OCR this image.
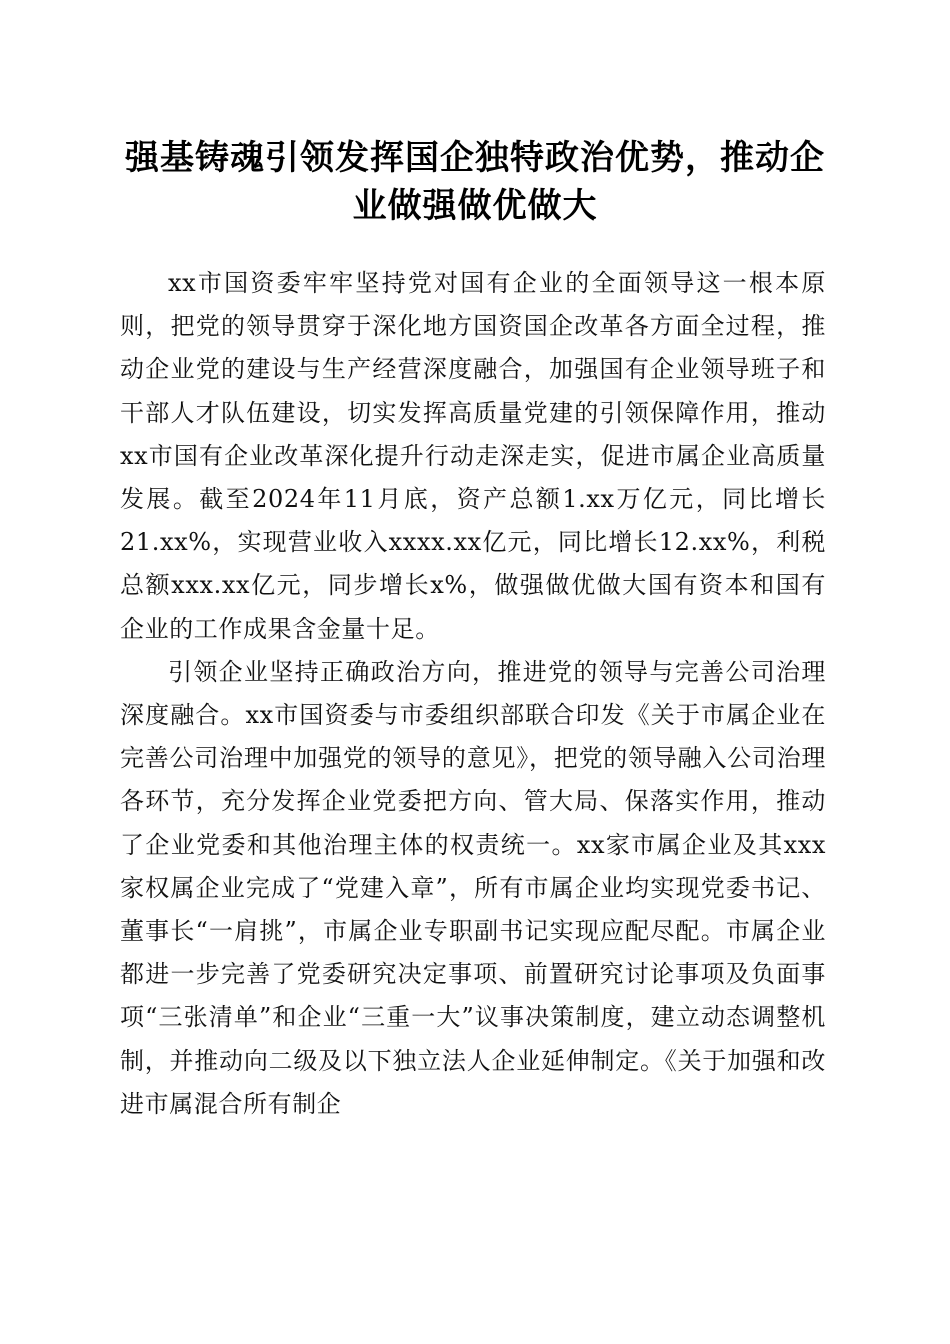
强基铸魂引领发挥国企独特政治优势，推动企业做强做优做大

xx市国资委牢牢坚持党对国有企业的全面领导这一根本原则，把党的领导贯穿于深化地方国资国企改革各方面全过程，推动企业党的建设与生产经营深度融合，加强国有企业领导班子和干部人才队伍建设，切实发挥高质量党建的引领保障作用，推动xx市国有企业改革深化提升行动走深走实，促进市属企业高质量发展。截至2024年11月底，资产总额1.xx万亿元，同比增长21.xx%，实现营业收入xxxx.xx亿元，同比增长12.xx%，利税总额xxx.xx亿元，同步增长x%，做强做优做大国有资本和国有企业的工作成果含金量十足。

引领企业坚持正确政治方向，推进党的领导与完善公司治理深度融合。xx市国资委与市委组织部联合印发《关于市属企业在完善公司治理中加强党的领导的意见》，把党的领导融入公司治理各环节，充分发挥企业党委把方向、管大局、保落实作用，推动了企业党委和其他治理主体的权责统一。xx家市属企业及其xxx家权属企业完成了“党建入章”，所有市属企业均实现党委书记、董事长“一肩挑”，市属企业专职副书记实现应配尽配。市属企业都进一步完善了党委研究决定事项、前置研究讨论事项及负面事项“三张清单”和企业“三重一大”议事决策制度，建立动态调整机制，并推动向二级及以下独立法人企业延伸制定。《关于加强和改进市属混合所有制企
